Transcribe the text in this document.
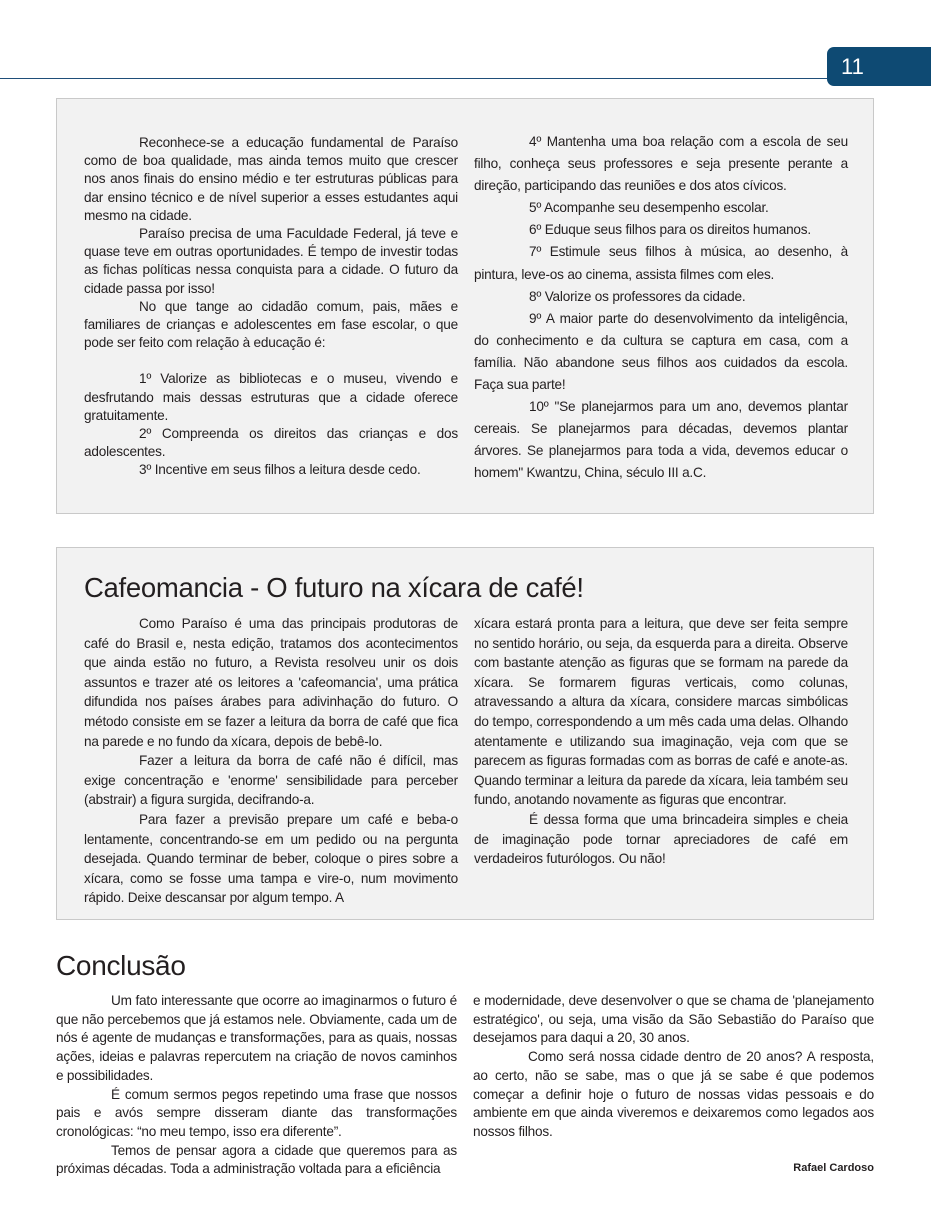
11

Reconhece-se a educação fundamental de Paraíso como de boa qualidade, mas ainda temos muito que crescer nos anos finais do ensino médio e ter estruturas públicas para dar ensino técnico e de nível superior a esses estudantes aqui mesmo na cidade.

Paraíso precisa de uma Faculdade Federal, já teve e quase teve em outras oportunidades. É tempo de investir todas as fichas políticas nessa conquista para a cidade. O futuro da cidade passa por isso!

No que tange ao cidadão comum, pais, mães e familiares de crianças e adolescentes em fase escolar, o que pode ser feito com relação à educação é:

1º Valorize as bibliotecas e o museu, vivendo e desfrutando mais dessas estruturas que a cidade oferece gratuitamente.

2º Compreenda os direitos das crianças e dos adolescentes.

3º Incentive em seus filhos a leitura desde cedo.

4º Mantenha uma boa relação com a escola de seu filho, conheça seus professores e seja presente perante a direção, participando das reuniões e dos atos cívicos.

5º Acompanhe seu desempenho escolar.

6º Eduque seus filhos para os direitos humanos.

7º Estimule seus filhos à música, ao desenho, à pintura, leve-os ao cinema, assista filmes com eles.

8º Valorize os professores da cidade.

9º A maior parte do desenvolvimento da inteligência, do conhecimento e da cultura se captura em casa, com a família. Não abandone seus filhos aos cuidados da escola. Faça sua parte!

10º "Se planejarmos para um ano, devemos plantar cereais. Se planejarmos para décadas, devemos plantar árvores. Se planejarmos para toda a vida, devemos educar o homem" Kwantzu, China, século III a.C.

Cafeomancia - O futuro na xícara de café!

Como Paraíso é uma das principais produtoras de café do Brasil e, nesta edição, tratamos dos acontecimentos que ainda estão no futuro, a Revista resolveu unir os dois assuntos e trazer até os leitores a 'cafeomancia', uma prática difundida nos países árabes para adivinhação do futuro. O método consiste em se fazer a leitura da borra de café que fica na parede e no fundo da xícara, depois de bebê-lo.

Fazer a leitura da borra de café não é difícil, mas exige concentração e 'enorme' sensibilidade para perceber (abstrair) a figura surgida, decifrando-a.

Para fazer a previsão prepare um café e beba-o lentamente, concentrando-se em um pedido ou na pergunta desejada. Quando terminar de beber, coloque o pires sobre a xícara, como se fosse uma tampa e vire-o, num movimento rápido. Deixe descansar por algum tempo. A

xícara estará pronta para a leitura, que deve ser feita sempre no sentido horário, ou seja, da esquerda para a direita. Observe com bastante atenção as figuras que se formam na parede da xícara. Se formarem figuras verticais, como colunas, atravessando a altura da xícara, considere marcas simbólicas do tempo, correspondendo a um mês cada uma delas. Olhando atentamente e utilizando sua imaginação, veja com que se parecem as figuras formadas com as borras de café e anote-as. Quando terminar a leitura da parede da xícara, leia também seu fundo, anotando novamente as figuras que encontrar.

É dessa forma que uma brincadeira simples e cheia de imaginação pode tornar apreciadores de café em verdadeiros futurólogos. Ou não!

Conclusão

Um fato interessante que ocorre ao imaginarmos o futuro é que não percebemos que já estamos nele. Obviamente, cada um de nós é agente de mudanças e transformações, para as quais, nossas ações, ideias e palavras repercutem na criação de novos caminhos e possibilidades.

É comum sermos pegos repetindo uma frase que nossos pais e avós sempre disseram diante das transformações cronológicas: “no meu tempo, isso era diferente”.

Temos de pensar agora a cidade que queremos para as próximas décadas. Toda a administração voltada para a eficiência

e modernidade, deve desenvolver o que se chama de 'planejamento estratégico', ou seja, uma visão da São Sebastião do Paraíso que desejamos para daqui a 20, 30 anos.

Como será nossa cidade dentro de 20 anos? A resposta, ao certo, não se sabe, mas o que já se sabe é que podemos começar a definir hoje o futuro de nossas vidas pessoais e do ambiente em que ainda viveremos e deixaremos como legados aos nossos filhos.

Rafael Cardoso
